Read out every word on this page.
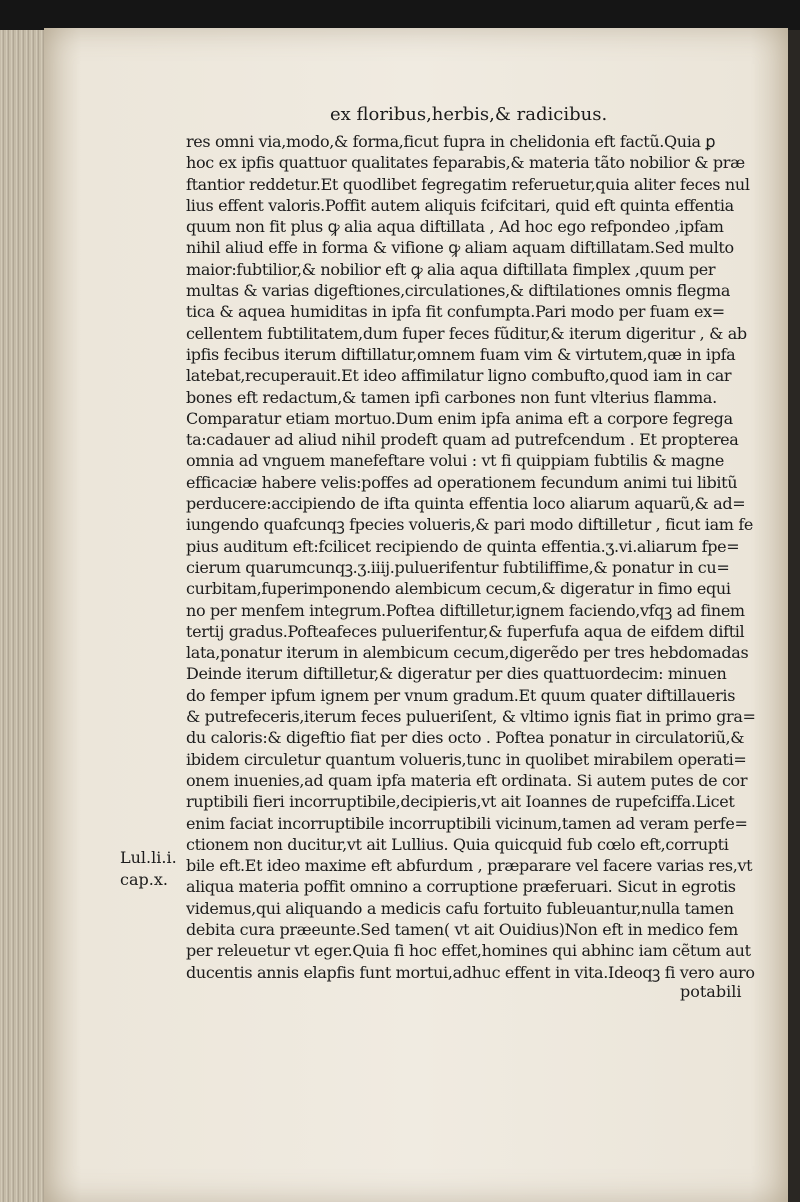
ex floribus,herbis,& radicibus.
Lul.li.i.
cap.x.
res omni via,modo,& forma,ficut fupra in chelidonia eft factũ.Quia ꝑ
hoc ex ipfis quattuor qualitates feparabis,& materia tãto nobilior & præ
ftantior reddetur.Et quodlibet fegregatim referuetur,quia aliter feces nul
lius effent valoris.Poffit autem aliquis fcifcitari, quid eft quinta effentia
quum non fit plus ꝙ alia aqua diftillata , Ad hoc ego refpondeo ,ipfam
nihil aliud effe in forma & vifione ꝙ aliam aquam diftillatam.Sed multo
maior:fubtilior,& nobilior eft ꝙ alia aqua diftillata fimplex ,quum per
multas & varias digeftiones,circulationes,& diftilationes omnis flegma
tica & aquea humiditas in ipfa fit confumpta.Pari modo per fuam ex=
cellentem fubtilitatem,dum fuper feces fũditur,& iterum digeritur , & ab
ipfis fecibus iterum diftillatur,omnem fuam vim & virtutem,quæ in ipfa
latebat,recuperauit.Et ideo affimilatur ligno combufto,quod iam in car
bones eft redactum,& tamen ipfi carbones non funt vlterius flamma.
Comparatur etiam mortuo.Dum enim ipfa anima eft a corpore fegrega
ta:cadauer ad aliud nihil prodeft quam ad putrefcendum . Et propterea
omnia ad vnguem manefeftare volui : vt fi quippiam fubtilis & magne
efficaciæ habere velis:poffes ad operationem fecundum animi tui libitũ
perducere:accipiendo de ifta quinta effentia loco aliarum aquarũ,& ad=
iungendo quafcunqꝫ fpecies volueris,& pari modo diftilletur , ficut iam fe
pius auditum eft:fcilicet recipiendo de quinta effentia.ʒ.vi.aliarum fpe=
cierum quarumcunqꝫ.ʒ.iiij.puluerifentur fubtiliffime,& ponatur in cu=
curbitam,fuperimponendo alembicum cecum,& digeratur in fimo equi
no per menfem integrum.Poftea diftilletur,ignem faciendo,vfqꝫ ad finem
tertij gradus.Pofteafeces puluerifentur,& fuperfufa aqua de eifdem diftil
lata,ponatur iterum in alembicum cecum,digerẽdo per tres hebdomadas
Deinde iterum diftilletur,& digeratur per dies quattuordecim: minuen
do femper ipfum ignem per vnum gradum.Et quum quater diftillaueris
& putrefeceris,iterum feces pulueriſent, & vltimo ignis fiat in primo gra=
du caloris:& digeftio fiat per dies octo . Poftea ponatur in circulatoriũ,&
ibidem circuletur quantum volueris,tunc in quolibet mirabilem operati=
onem inuenies,ad quam ipfa materia eft ordinata. Si autem putes de cor
ruptibili fieri incorruptibile,decipieris,vt ait Ioannes de rupefciffa.Licet
enim faciat incorruptibile incorruptibili vicinum,tamen ad veram perfe=
ctionem non ducitur,vt ait Lullius. Quia quicquid fub cœlo eft,corrupti
bile eft.Et ideo maxime eft abfurdum , præparare vel facere varias res,vt
aliqua materia poffit omnino a corruptione præferuari. Sicut in egrotis
videmus,qui aliquando a medicis cafu fortuito fubleuantur,nulla tamen
debita cura præeunte.Sed tamen( vt ait Ouidius)Non eft in medico fem
per releuetur vt eger.Quia fi hoc effet,homines qui abhinc iam cẽtum aut
ducentis annis elapfis funt mortui,adhuc effent in vita.Ideoqꝫ fi vero auro
potabili
